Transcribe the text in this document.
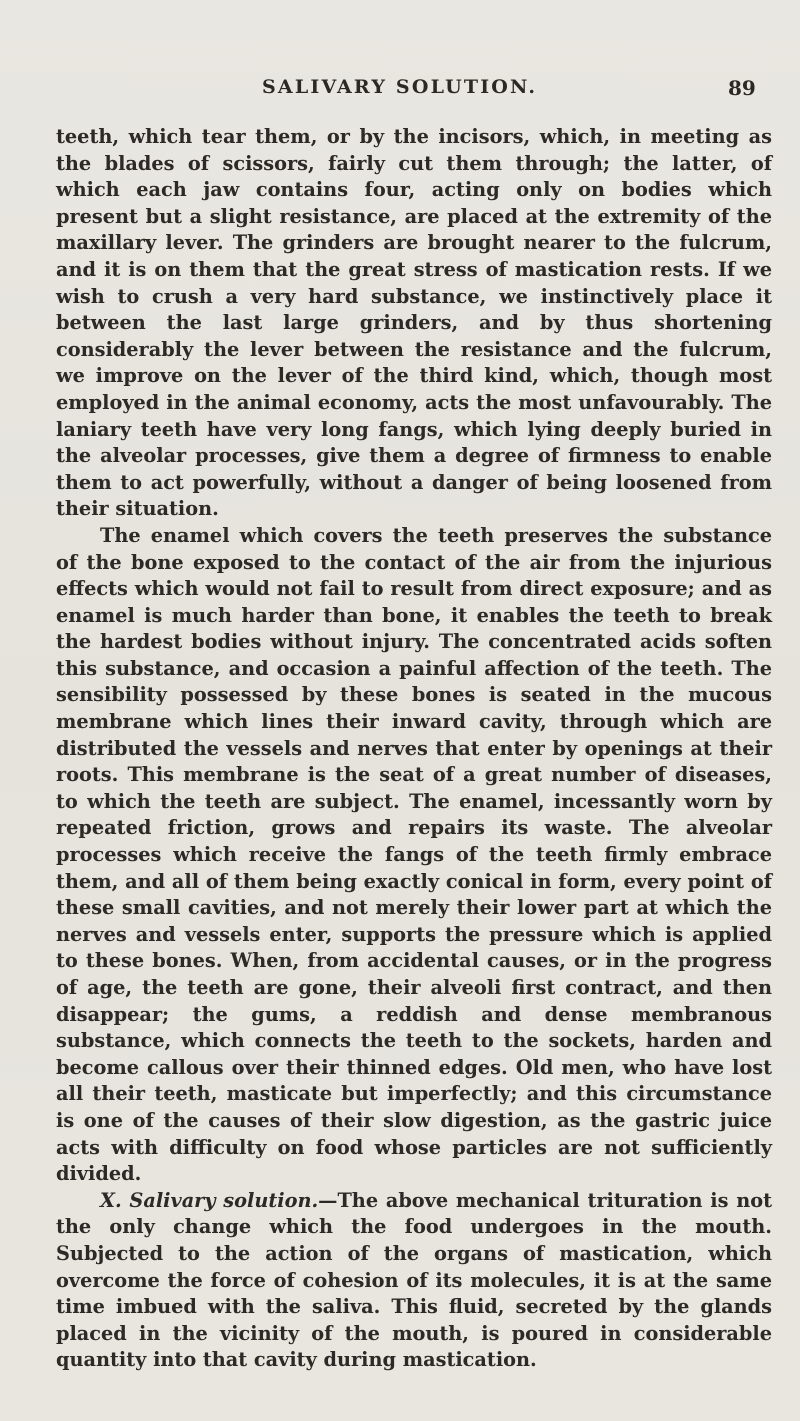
SALIVARY SOLUTION.	89

teeth, which tear them, or by the incisors, which, in meeting as the blades of scissors, fairly cut them through; the latter, of which each jaw contains four, acting only on bodies which present but a slight resistance, are placed at the extremity of the maxillary lever. The grinders are brought nearer to the fulcrum, and it is on them that the great stress of mastication rests. If we wish to crush a very hard substance, we instinctively place it between the last large grinders, and by thus shortening considerably the lever between the resistance and the fulcrum, we improve on the lever of the third kind, which, though most employed in the animal economy, acts the most unfavourably. The laniary teeth have very long fangs, which lying deeply buried in the alveolar processes, give them a degree of firmness to enable them to act powerfully, without a danger of being loosened from their situation.

The enamel which covers the teeth preserves the substance of the bone exposed to the contact of the air from the injurious effects which would not fail to result from direct exposure; and as enamel is much harder than bone, it enables the teeth to break the hardest bodies without injury. The concentrated acids soften this substance, and occasion a painful affection of the teeth. The sensibility possessed by these bones is seated in the mucous membrane which lines their inward cavity, through which are distributed the vessels and nerves that enter by openings at their roots. This membrane is the seat of a great number of diseases, to which the teeth are subject. The enamel, incessantly worn by repeated friction, grows and repairs its waste. The alveolar processes which receive the fangs of the teeth firmly embrace them, and all of them being exactly conical in form, every point of these small cavities, and not merely their lower part at which the nerves and vessels enter, supports the pressure which is applied to these bones. When, from accidental causes, or in the progress of age, the teeth are gone, their alveoli first contract, and then disappear; the gums, a reddish and dense membranous substance, which connects the teeth to the sockets, harden and become callous over their thinned edges. Old men, who have lost all their teeth, masticate but imperfectly; and this circumstance is one of the causes of their slow digestion, as the gastric juice acts with difficulty on food whose particles are not sufficiently divided.

X. Salivary solution.—The above mechanical trituration is not the only change which the food undergoes in the mouth. Subjected to the action of the organs of mastication, which overcome the force of cohesion of its molecules, it is at the same time imbued with the saliva. This fluid, secreted by the glands placed in the vicinity of the mouth, is poured in considerable quantity into that cavity during mastication.
